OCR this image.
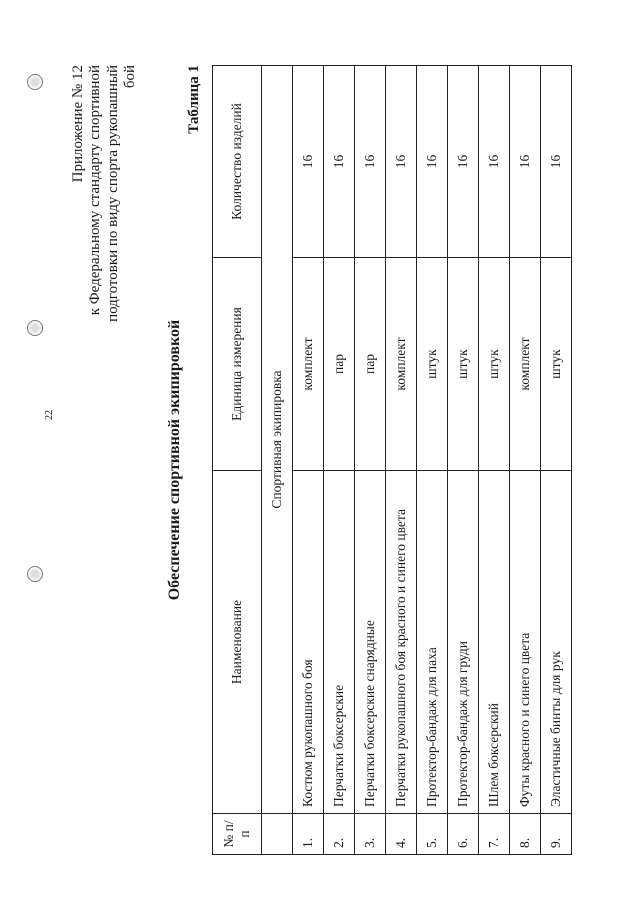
22
Приложение № 12 к Федеральному стандарту спортивной подготовки по виду спорта рукопашный бой
Обеспечение спортивной экипировкой
Таблица 1
№ п/п	Наименование	Единица измерения	Количество изделий
	Спортивная экипировка		
1.	Костюм рукопашного боя	комплект	16
2.	Перчатки боксерские	пар	16
3.	Перчатки боксерские снарядные	пар	16
4.	Перчатки рукопашного боя красного и синего цвета	комплект	16
5.	Протектор-бандаж для паха	штук	16
6.	Протектор-бандаж для груди	штук	16
7.	Шлем боксерский	штук	16
8.	Футы красного и синего цвета	комплект	16
9.	Эластичные бинты для рук	штук	16
